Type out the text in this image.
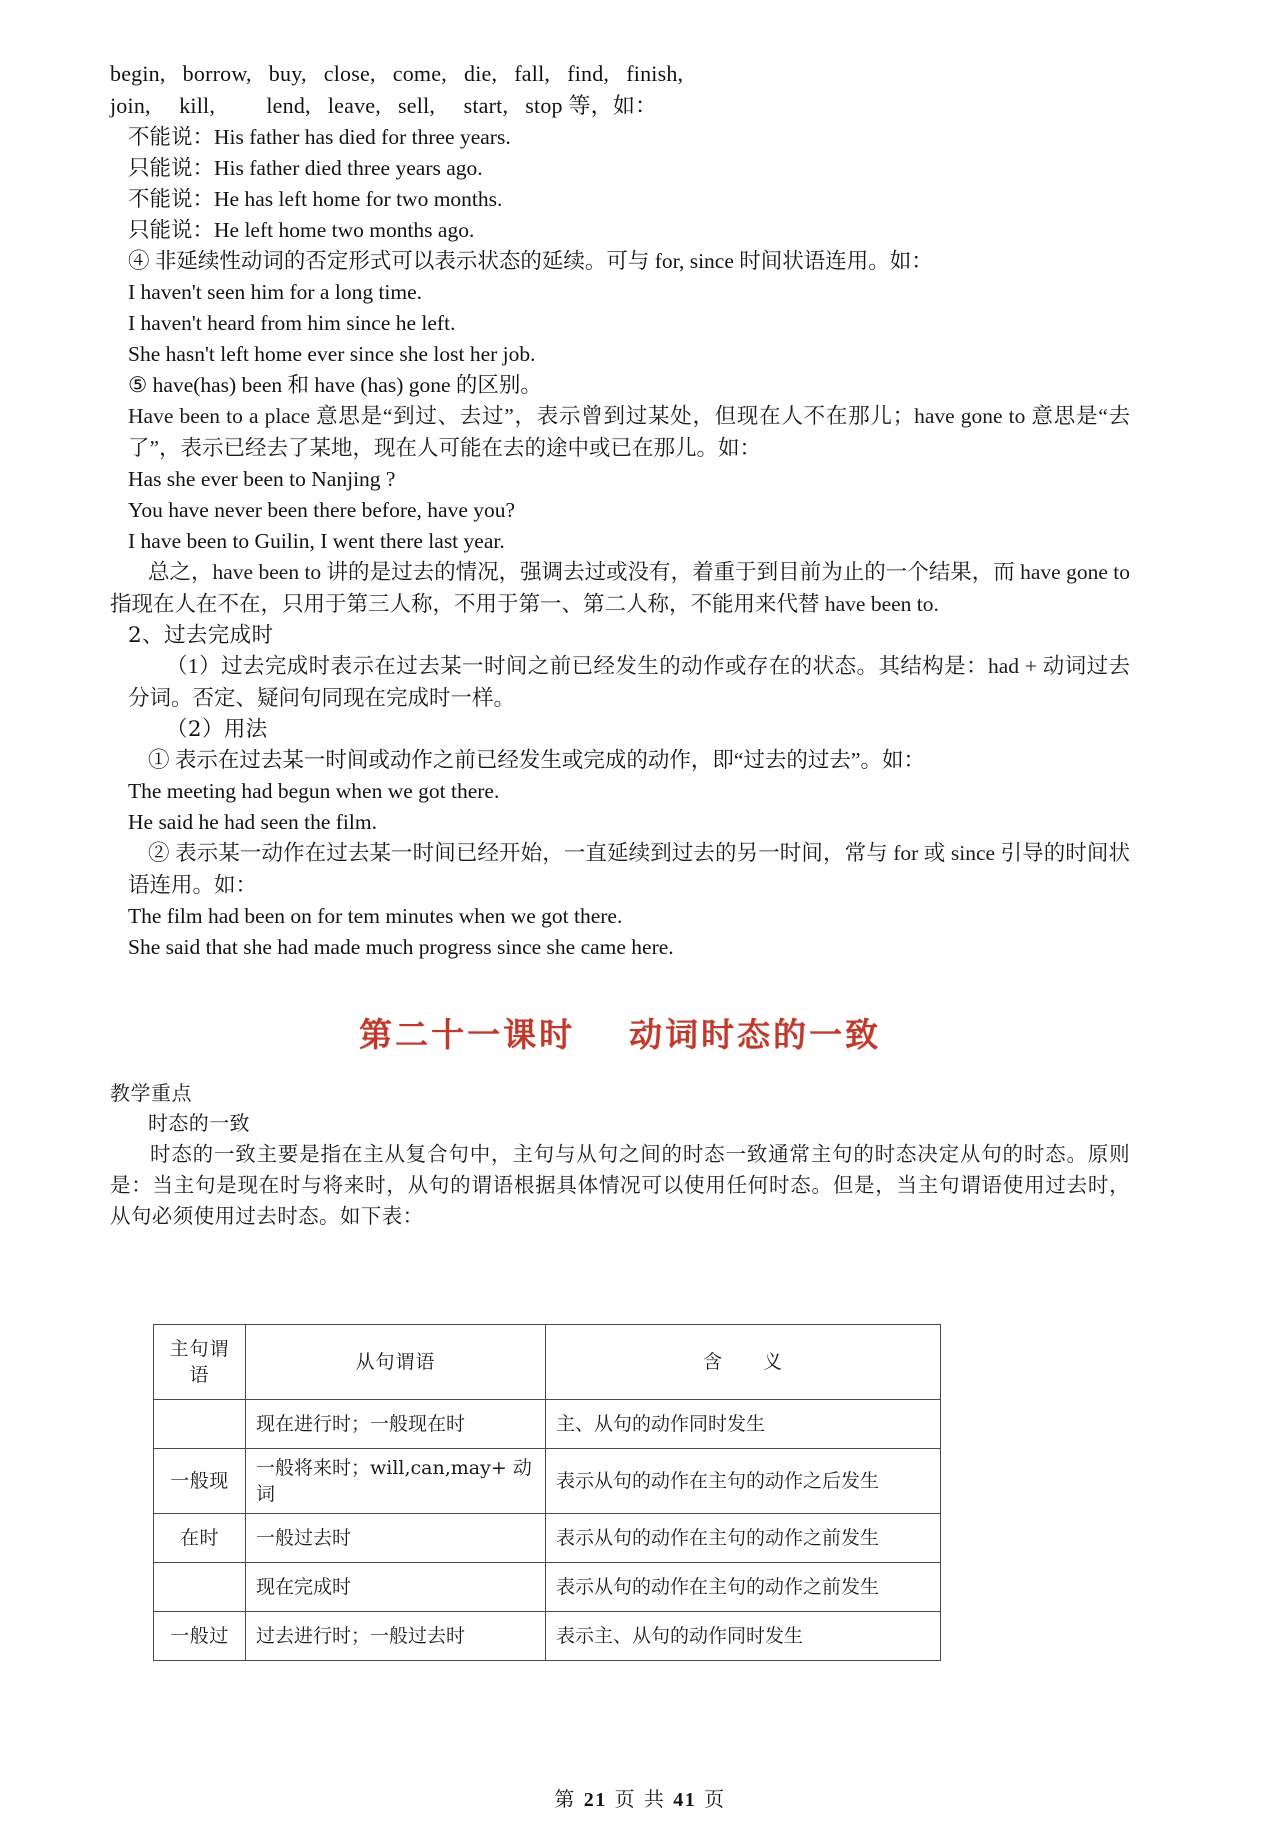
begin,   borrow,   buy,   close,   come,   die,   fall,   find,   finish,
join,     kill,         lend,   leave,   sell,     start,   stop 等，如：
不能说：His father has died for three years.
只能说：His father died three years ago.
不能说：He has left home for two months.
只能说：He left home two months ago.
④ 非延续性动词的否定形式可以表示状态的延续。可与 for, since 时间状语连用。如：
I haven't seen him for a long time.
I haven't heard from him since he left.
She hasn't left home ever since she lost her job.
⑤ have(has) been 和 have (has) gone 的区别。
Have been to a place 意思是“到过、去过”，表示曾到过某处，但现在人不在那儿；have gone to 意思是“去了”，表示已经去了某地，现在人可能在去的途中或已在那儿。如：
Has she ever been to Nanjing ?
You have never been there before, have you?
I have been to Guilin, I went there last year.
总之，have been to 讲的是过去的情况，强调去过或没有，着重于到目前为止的一个结果，而 have gone to 指现在人在不在，只用于第三人称，不用于第一、第二人称，不能用来代替 have been to.
2、过去完成时
（1）过去完成时表示在过去某一时间之前已经发生的动作或存在的状态。其结构是：had + 动词过去分词。否定、疑问句同现在完成时一样。
（2）用法
① 表示在过去某一时间或动作之前已经发生或完成的动作，即“过去的过去”。如：
The meeting had begun when we got there.
He said he had seen the film.
② 表示某一动作在过去某一时间已经开始，一直延续到过去的另一时间，常与 for 或 since 引导的时间状语连用。如：
The film had been on for tem minutes when we got there.
She said that she had made much progress since she came here.
第二十一课时 动词时态的一致
教学重点
时态的一致
时态的一致主要是指在主从复合句中，主句与从句之间的时态一致通常主句的时态决定从句的时态。原则是：当主句是现在时与将来时，从句的谓语根据具体情况可以使用任何时态。但是，当主句谓语使用过去时，从句必须使用过去时态。如下表：
主句谓
语	从句谓语	含　　义
	现在进行时；一般现在时	主、从句的动作同时发生
一般现	一般将来时；will,can,may+ 动词	表示从句的动作在主句的动作之后发生
在时	一般过去时	表示从句的动作在主句的动作之前发生
	现在完成时	表示从句的动作在主句的动作之前发生
一般过	过去进行时；一般过去时	表示主、从句的动作同时发生
第 21 页 共 41 页
